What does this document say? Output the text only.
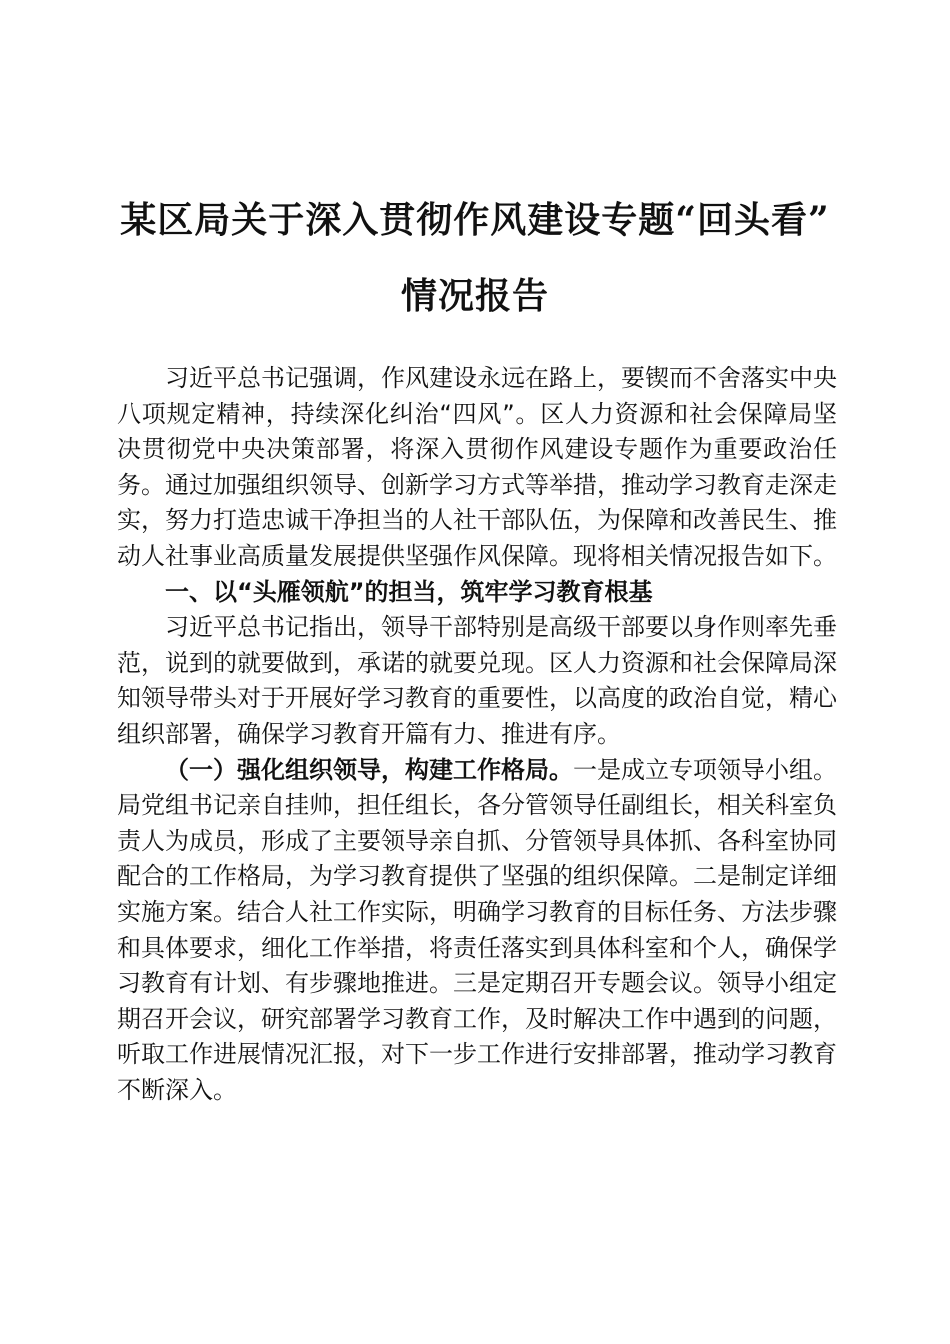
某区局关于深入贯彻作风建设专题“回头看”
情况报告

习近平总书记强调，作风建设永远在路上，要锲而不舍落实中央八项规定精神，持续深化纠治“四风”。区人力资源和社会保障局坚决贯彻党中央决策部署，将深入贯彻作风建设专题作为重要政治任务。通过加强组织领导、创新学习方式等举措，推动学习教育走深走实，努力打造忠诚干净担当的人社干部队伍，为保障和改善民生、推动人社事业高质量发展提供坚强作风保障。现将相关情况报告如下。

一、以“头雁领航”的担当，筑牢学习教育根基

习近平总书记指出，领导干部特别是高级干部要以身作则率先垂范，说到的就要做到，承诺的就要兑现。区人力资源和社会保障局深知领导带头对于开展好学习教育的重要性，以高度的政治自觉，精心组织部署，确保学习教育开篇有力、推进有序。

（一）强化组织领导，构建工作格局。一是成立专项领导小组。局党组书记亲自挂帅，担任组长，各分管领导任副组长，相关科室负责人为成员，形成了主要领导亲自抓、分管领导具体抓、各科室协同配合的工作格局，为学习教育提供了坚强的组织保障。二是制定详细实施方案。结合人社工作实际，明确学习教育的目标任务、方法步骤和具体要求，细化工作举措，将责任落实到具体科室和个人，确保学习教育有计划、有步骤地推进。三是定期召开专题会议。领导小组定期召开会议，研究部署学习教育工作，及时解决工作中遇到的问题，听取工作进展情况汇报，对下一步工作进行安排部署，推动学习教育不断深入。
